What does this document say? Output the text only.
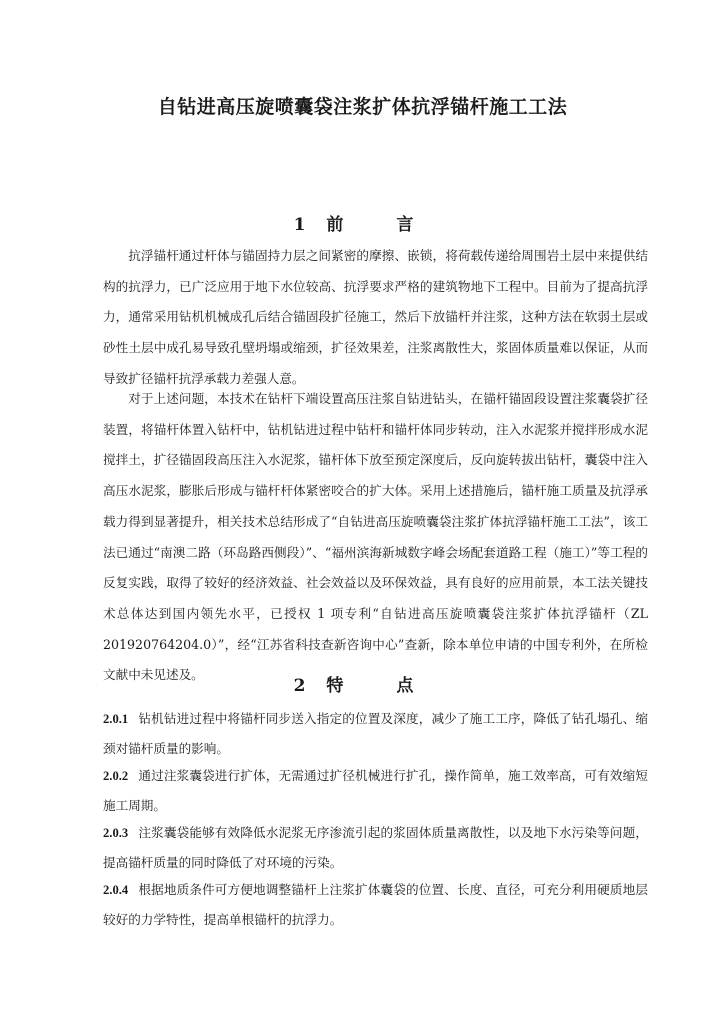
自钻进高压旋喷囊袋注浆扩体抗浮锚杆施工工法
1 前　言

抗浮锚杆通过杆体与锚固持力层之间紧密的摩擦、嵌锁，将荷载传递给周围岩土层中来提供结构的抗浮力，已广泛应用于地下水位较高、抗浮要求严格的建筑物地下工程中。目前为了提高抗浮力，通常采用钻机机械成孔后结合锚固段扩径施工，然后下放锚杆并注浆，这种方法在软弱土层或砂性土层中成孔易导致孔壁坍塌或缩颈，扩径效果差，注浆离散性大，浆固体质量难以保证，从而导致扩径锚杆抗浮承载力差强人意。

对于上述问题，本技术在钻杆下端设置高压注浆自钻进钻头，在锚杆锚固段设置注浆囊袋扩径装置，将锚杆体置入钻杆中，钻机钻进过程中钻杆和锚杆体同步转动，注入水泥浆并搅拌形成水泥搅拌土，扩径锚固段高压注入水泥浆，锚杆体下放至预定深度后，反向旋转拔出钻杆，囊袋中注入高压水泥浆，膨胀后形成与锚杆杆体紧密咬合的扩大体。采用上述措施后，锚杆施工质量及抗浮承载力得到显著提升，相关技术总结形成了“自钻进高压旋喷囊袋注浆扩体抗浮锚杆施工工法”，该工法已通过“南澳二路（环岛路西侧段）”、“福州滨海新城数字峰会场配套道路工程（施工）”等工程的反复实践，取得了较好的经济效益、社会效益以及环保效益，具有良好的应用前景，本工法关键技术总体达到国内领先水平，已授权 1 项专利“自钻进高压旋喷囊袋注浆扩体抗浮锚杆（ZL 201920764204.0）”，经“江苏省科技查新咨询中心”查新，除本单位申请的中国专利外，在所检文献中未见述及。

2 特　点

2.0.1 钻机钻进过程中将锚杆同步送入指定的位置及深度，减少了施工工序，降低了钻孔塌孔、缩颈对锚杆质量的影响。

2.0.2 通过注浆囊袋进行扩体，无需通过扩径机械进行扩孔，操作简单，施工效率高，可有效缩短施工周期。

2.0.3 注浆囊袋能够有效降低水泥浆无序渗流引起的浆固体质量离散性，以及地下水污染等问题，提高锚杆质量的同时降低了对环境的污染。

2.0.4 根据地质条件可方便地调整锚杆上注浆扩体囊袋的位置、长度、直径，可充分利用硬质地层较好的力学特性，提高单根锚杆的抗浮力。
